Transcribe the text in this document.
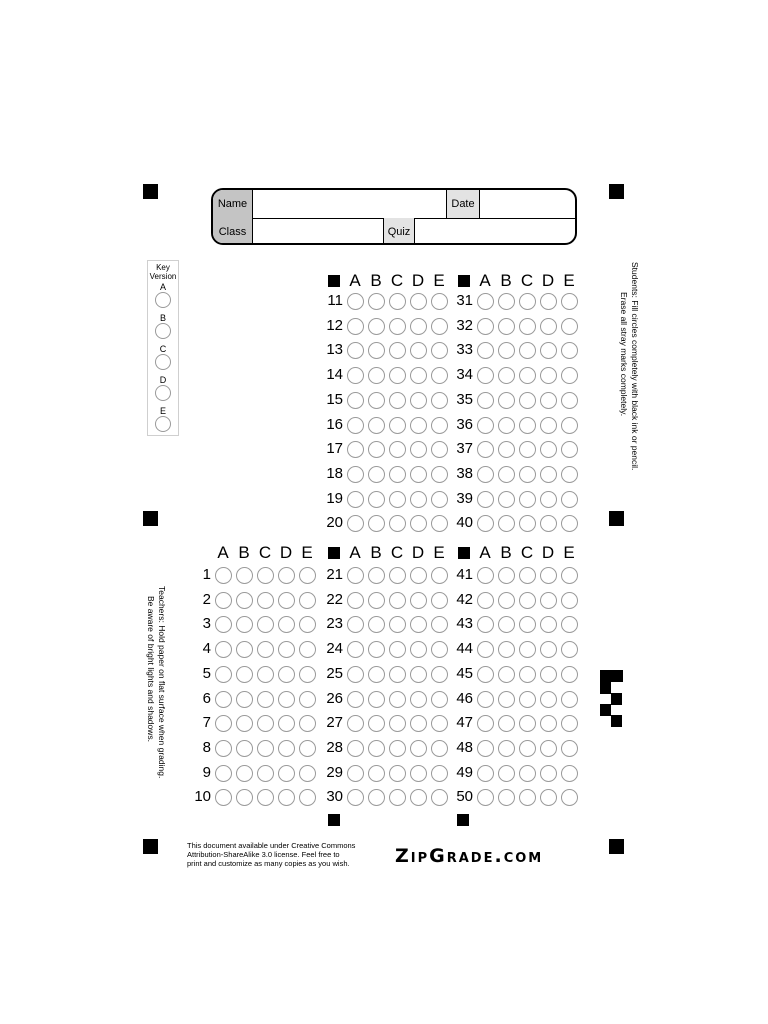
Name	Date
Class	Quiz
Key
Version
A
B
C
D
E	Students: Fill circles completely with black ink or pencil.
Erase all stray marks completely.
Teachers: Hold paper on flat surface when grading.
Be aware of bright lights and shadows.
A B C D E
1
2
3
4
5
6
7
8
9
10
A B C D E
11
12
13
14
15
16
17
18
19
20
A B C D E
21
22
23
24
25
26
27
28
29
30
A B C D E
31
32
33
34
35
36
37
38
39
40
A B C D E
41
42
43
44
45
46
47
48
49
50
This document available under Creative Commons
Attribution-ShareAlike 3.0 license. Feel free to
print and customize as many copies as you wish.	ZipGrade.com
